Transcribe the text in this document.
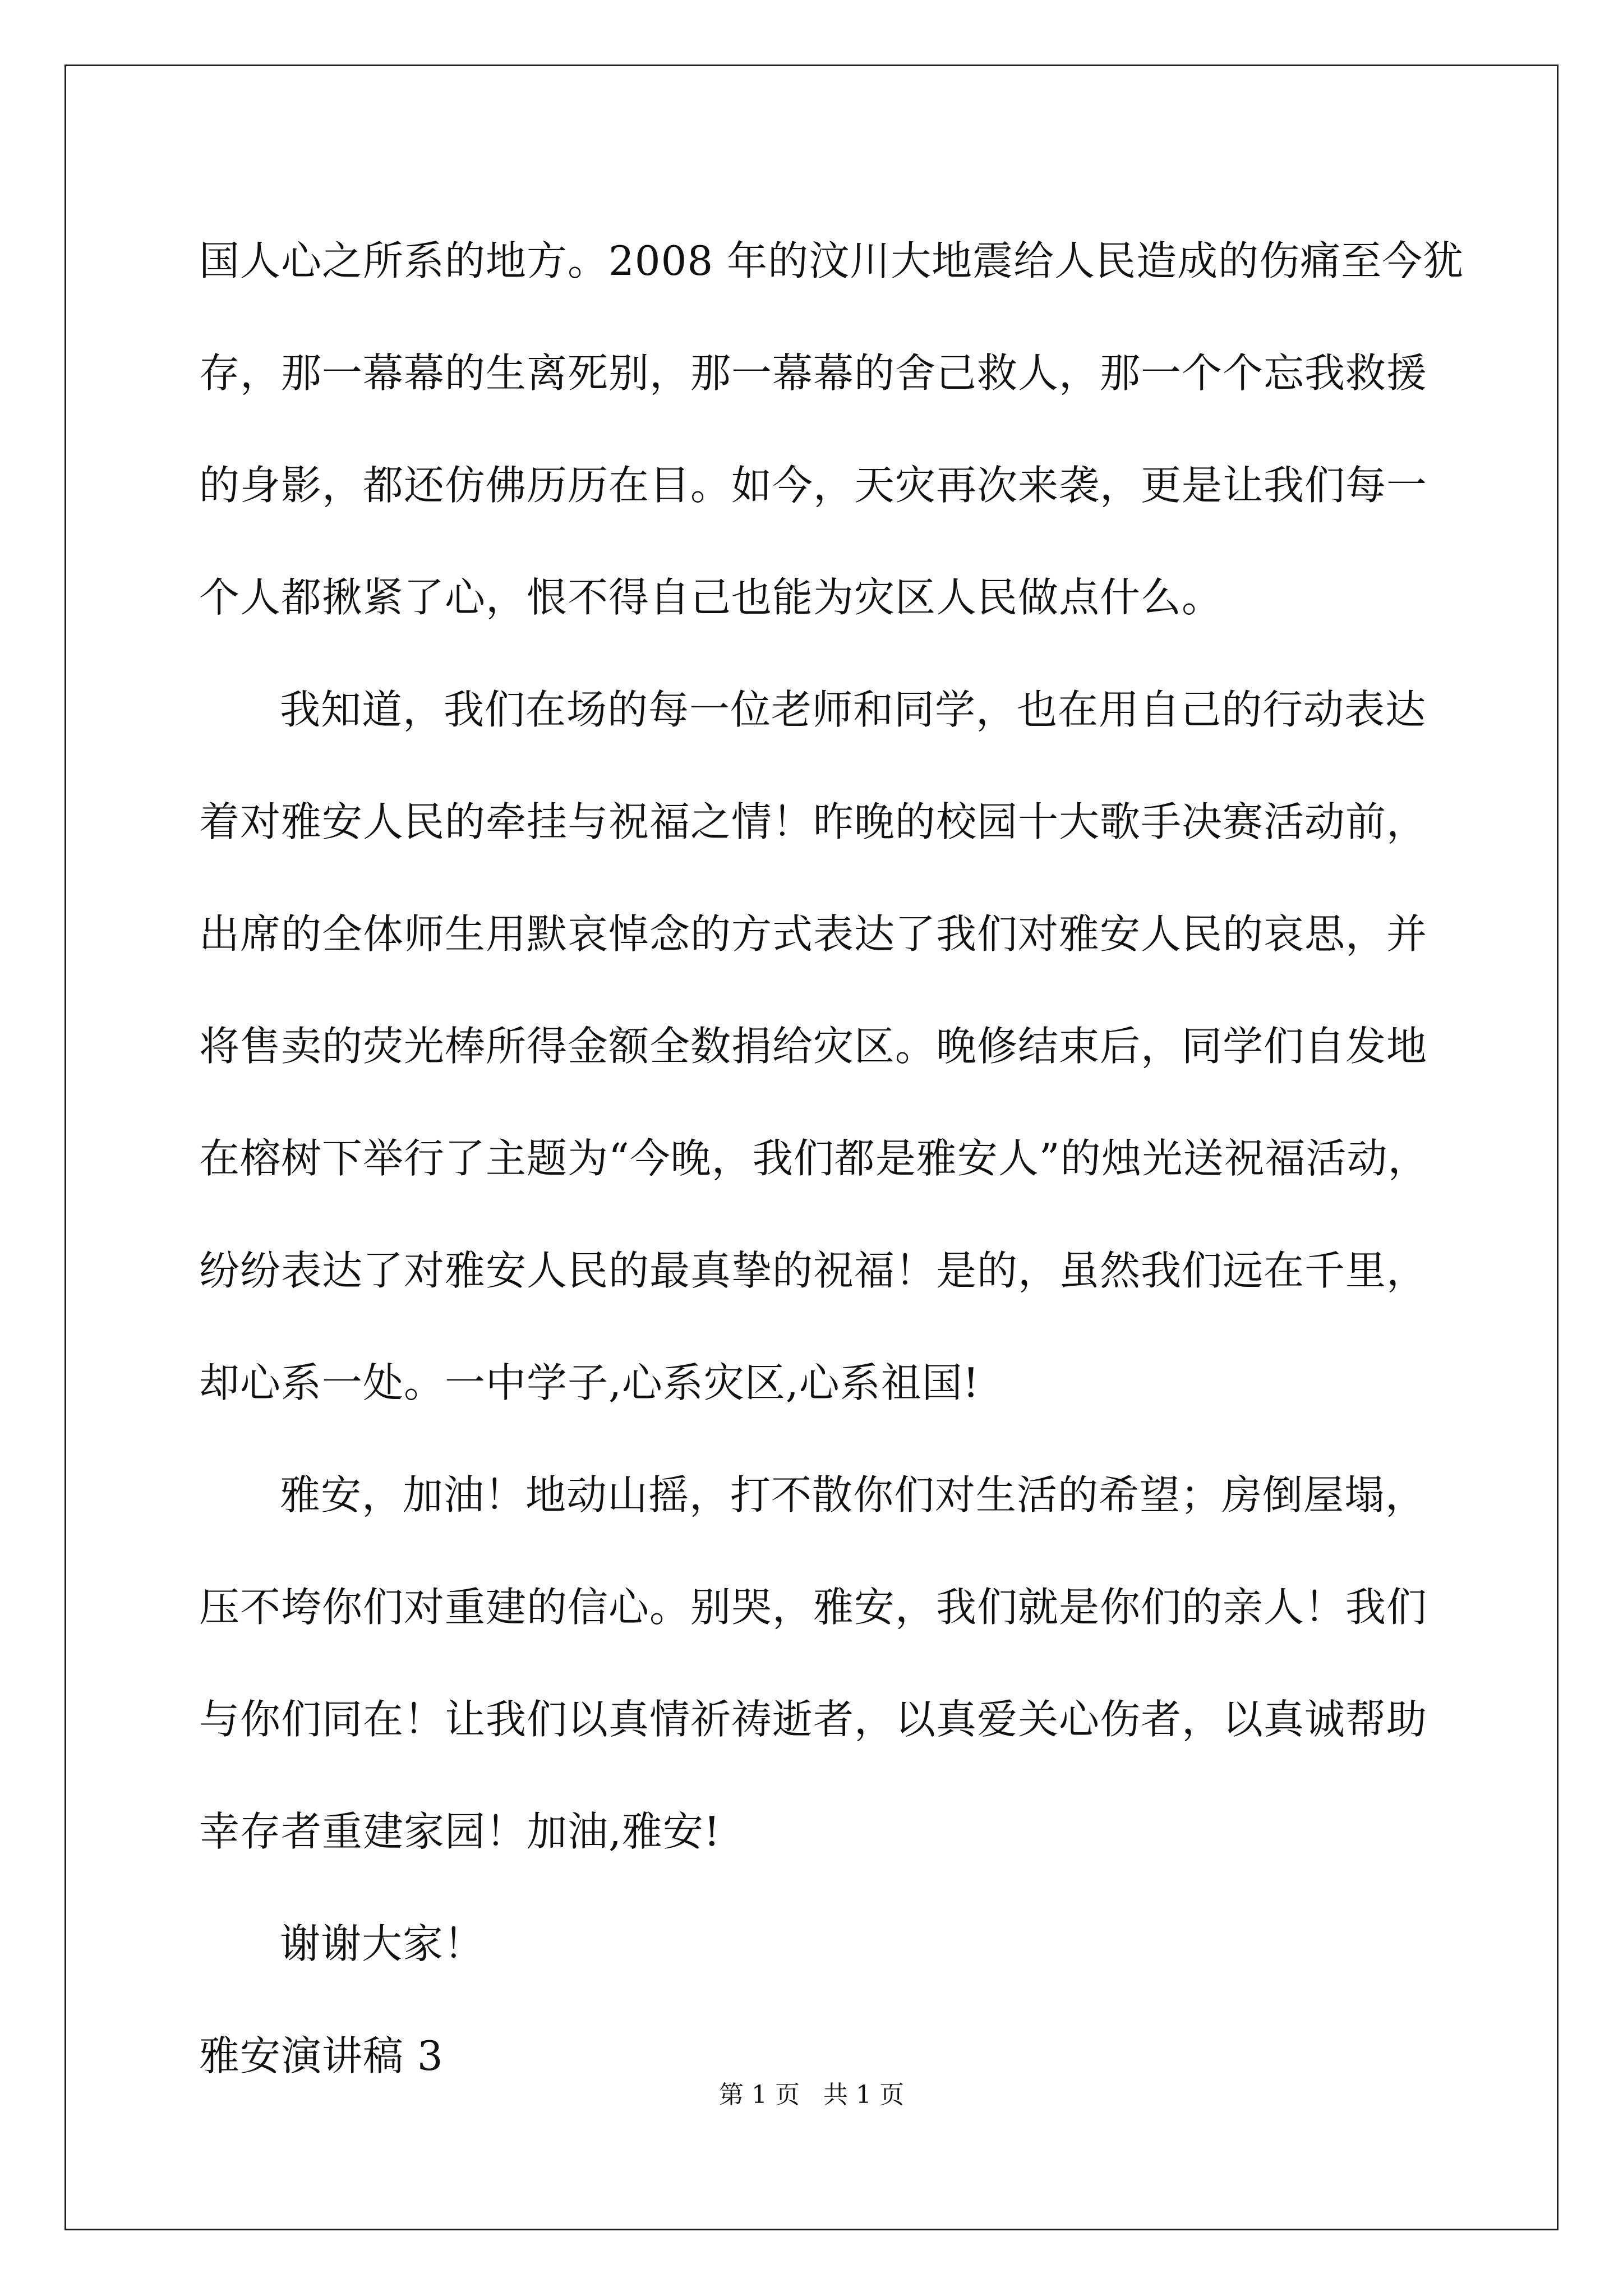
国人心之所系的地方。2008 年的汶川大地震给人民造成的伤痛至今犹
存，那一幕幕的生离死别，那一幕幕的舍己救人，那一个个忘我救援
的身影，都还仿佛历历在目。如今，天灾再次来袭，更是让我们每一
个人都揪紧了心，恨不得自己也能为灾区人民做点什么。
我知道，我们在场的每一位老师和同学，也在用自己的行动表达
着对雅安人民的牵挂与祝福之情！昨晚的校园十大歌手决赛活动前，
出席的全体师生用默哀悼念的方式表达了我们对雅安人民的哀思，并
将售卖的荧光棒所得金额全数捐给灾区。晚修结束后，同学们自发地
在榕树下举行了主题为“今晚，我们都是雅安人”的烛光送祝福活动，
纷纷表达了对雅安人民的最真挚的祝福！是的，虽然我们远在千里，
却心系一处。一中学子,心系灾区,心系祖国!
雅安，加油！地动山摇，打不散你们对生活的希望；房倒屋塌，
压不垮你们对重建的信心。别哭，雅安，我们就是你们的亲人！我们
与你们同在！让我们以真情祈祷逝者，以真爱关心伤者，以真诚帮助
幸存者重建家园！加油,雅安!
谢谢大家！
雅安演讲稿 3
第 1 页   共 1 页
